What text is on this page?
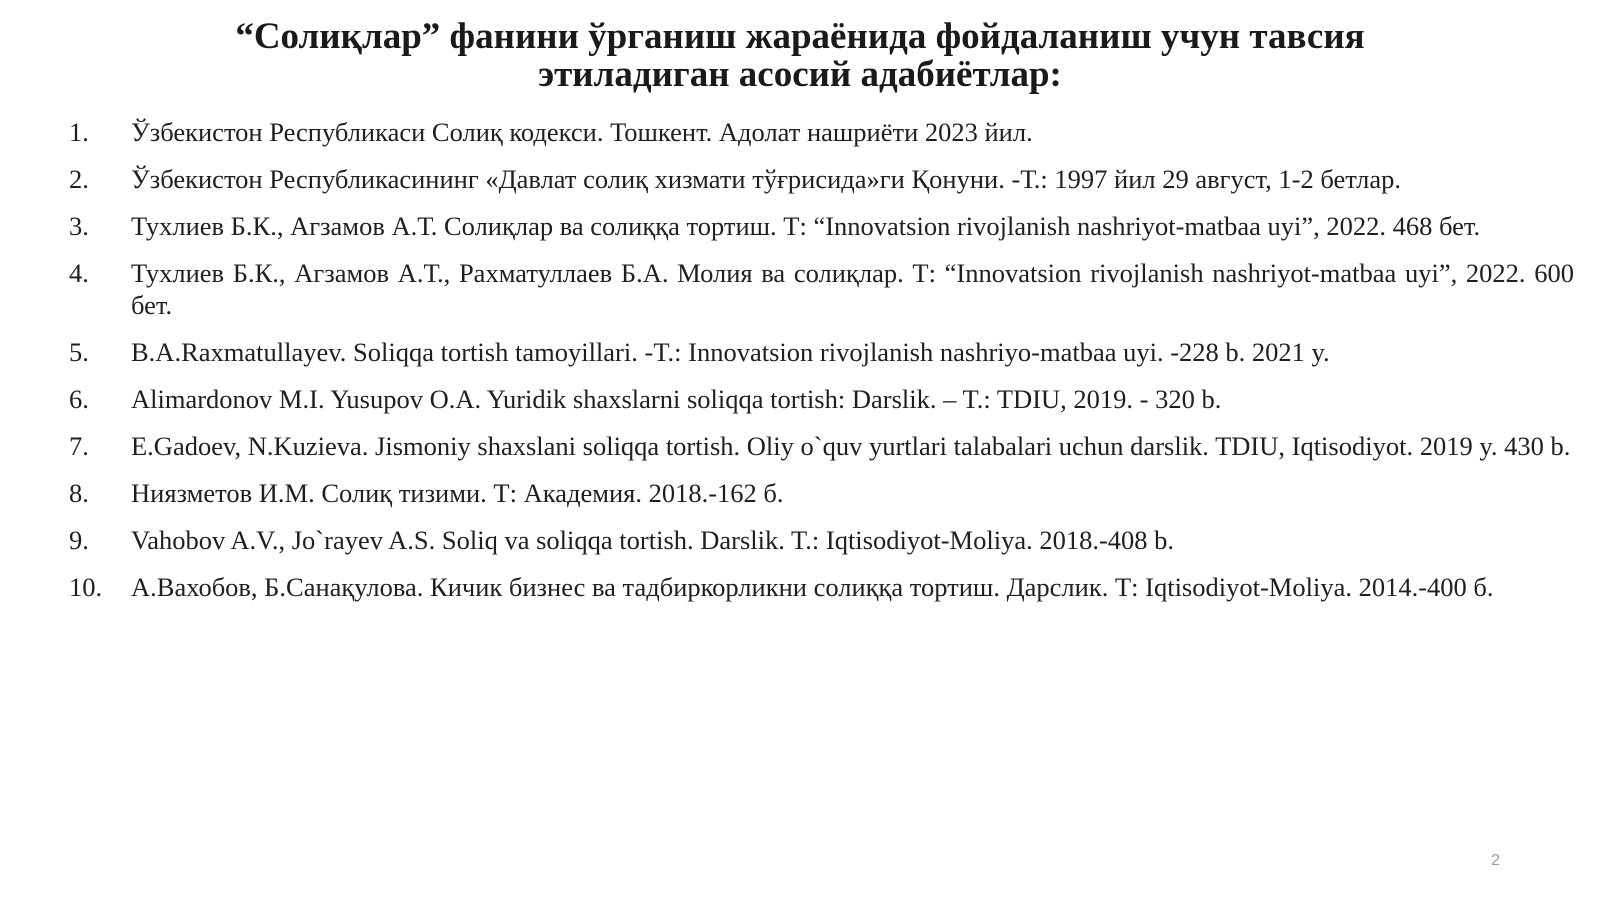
“Солиқлар” фанини ўрганиш жараёнида фойдаланиш учун тавсия
этиладиган асосий адабиётлар:
1.	Ўзбекистон Республикаси Солиқ кодекси. Тошкент. Адолат нашриёти 2023 йил.
2.	Ўзбекистон Республикасининг «Давлат солиқ хизмати тўғрисида»ги Қонуни. -Т.: 1997 йил 29 август, 1-2 бетлар.
3.	Тухлиев Б.К., Агзамов А.Т. Солиқлар ва солиққа тортиш. Т: “Innovatsion rivojlanish nashriyot-matbaa uyi”, 2022. 468 бет.
4.	Тухлиев Б.К., Агзамов А.Т., Рахматуллаев Б.А. Молия ва солиқлар. Т: “Innovatsion rivojlanish nashriyot-matbaa uyi”, 2022. 600 бет.
5.	B.A.Raxmatullayev. Soliqqa tortish tamoyillari. -T.: Innovatsion rivojlanish nashriyo-matbaa uyi. -228 b. 2021 y.
6.	Alimardonov M.I. Yusupov O.A. Yuridik shaxslarni soliqqa tortish: Darslik. – T.: TDIU, 2019. - 320 b.
7.	E.Gadoev, N.Kuzieva. Jismoniy shaxslani soliqqa tortish. Oliy o`quv yurtlari talabalari uchun darslik. TDIU, Iqtisodiyot. 2019 y. 430 b.
8.	Ниязметов И.М. Солиқ тизими. Т: Академия. 2018.-162 б.
9.	Vahobov A.V., Jo`rayev A.S. Soliq va soliqqa tortish. Darslik. T.: Iqtisodiyot-Moliya. 2018.-408 b.
10.	А.Вахобов, Б.Санақулова. Кичик бизнес ва тадбиркорликни солиққа тортиш. Дарслик. Т: Iqtisodiyot-Moliya. 2014.-400 б.
2
